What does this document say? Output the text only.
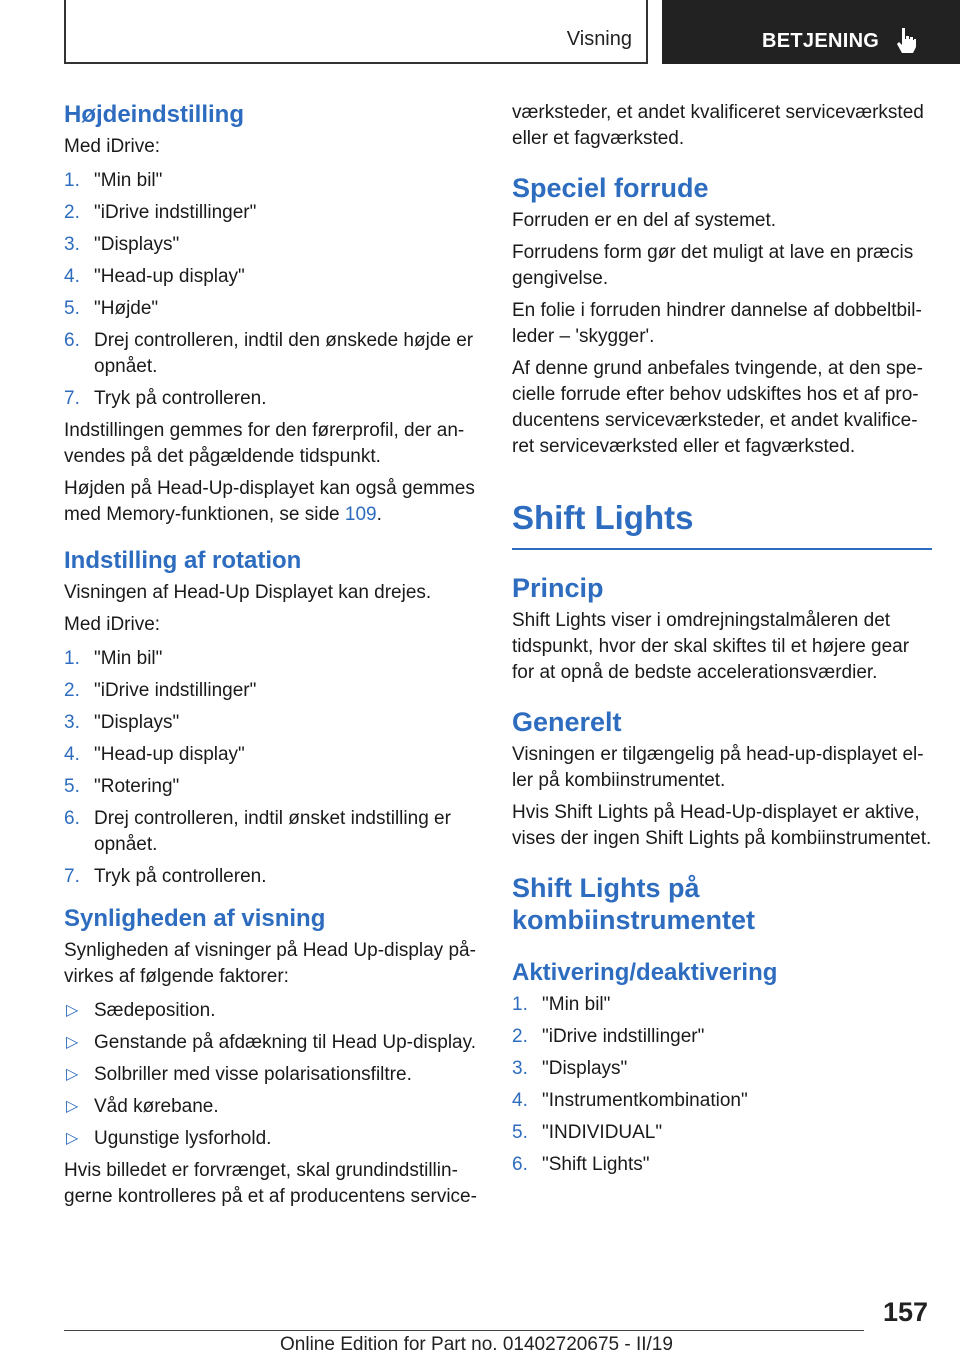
Visning	BETJENING
Højdeindstilling

Med iDrive:

1. "Min bil"
2. "iDrive indstillinger"
3. "Displays"
4. "Head-up display"
5. "Højde"
6. Drej controlleren, indtil den ønskede højde er opnået.
7. Tryk på controlleren.

Indstillingen gemmes for den førerprofil, der anvendes på det pågældende tidspunkt.

Højden på Head-Up-displayet kan også gemmes med Memory-funktionen, se side 109.

Indstilling af rotation

Visningen af Head-Up Displayet kan drejes.

Med iDrive:

1. "Min bil"
2. "iDrive indstillinger"
3. "Displays"
4. "Head-up display"
5. "Rotering"
6. Drej controlleren, indtil ønsket indstilling er opnået.
7. Tryk på controlleren.
Synligheden af visning

Synligheden af visninger på Head Up-display påvirkes af følgende faktorer:

▷ Sædeposition.
▷ Genstande på afdækning til Head Up-display.
▷ Solbriller med visse polarisationsfiltre.
▷ Våd kørebane.
▷ Ugunstige lysforhold.

Hvis billedet er forvrænget, skal grundindstillingerne kontrolleres på et af producentens service-

værksteder, et andet kvalificeret serviceværksted eller et fagværksted.

Speciel forrude

Forruden er en del af systemet.

Forrudens form gør det muligt at lave en præcis gengivelse.

En folie i forruden hindrer dannelse af dobbeltbilleder – 'skygger'.

Af denne grund anbefales tvingende, at den specielle forrude efter behov udskiftes hos et af producentens serviceværksteder, et andet kvalificeret serviceværksted eller et fagværksted.

Shift Lights
Princip

Shift Lights viser i omdrejningstalmåleren det tidspunkt, hvor der skal skiftes til et højere gear for at opnå de bedste accelerationsværdier.

Generelt

Visningen er tilgængelig på head-up-displayet eller på kombiinstrumentet.

Hvis Shift Lights på Head-Up-displayet er aktive, vises der ingen Shift Lights på kombiinstrumentet.

Shift Lights på kombiinstrumentet
Aktivering/deaktivering
1. "Min bil"
2. "iDrive indstillinger"
3. "Displays"
4. "Instrumentkombination"
5. "INDIVIDUAL"
6. "Shift Lights"
157
Online Edition for Part no. 01402720675 - II/19
